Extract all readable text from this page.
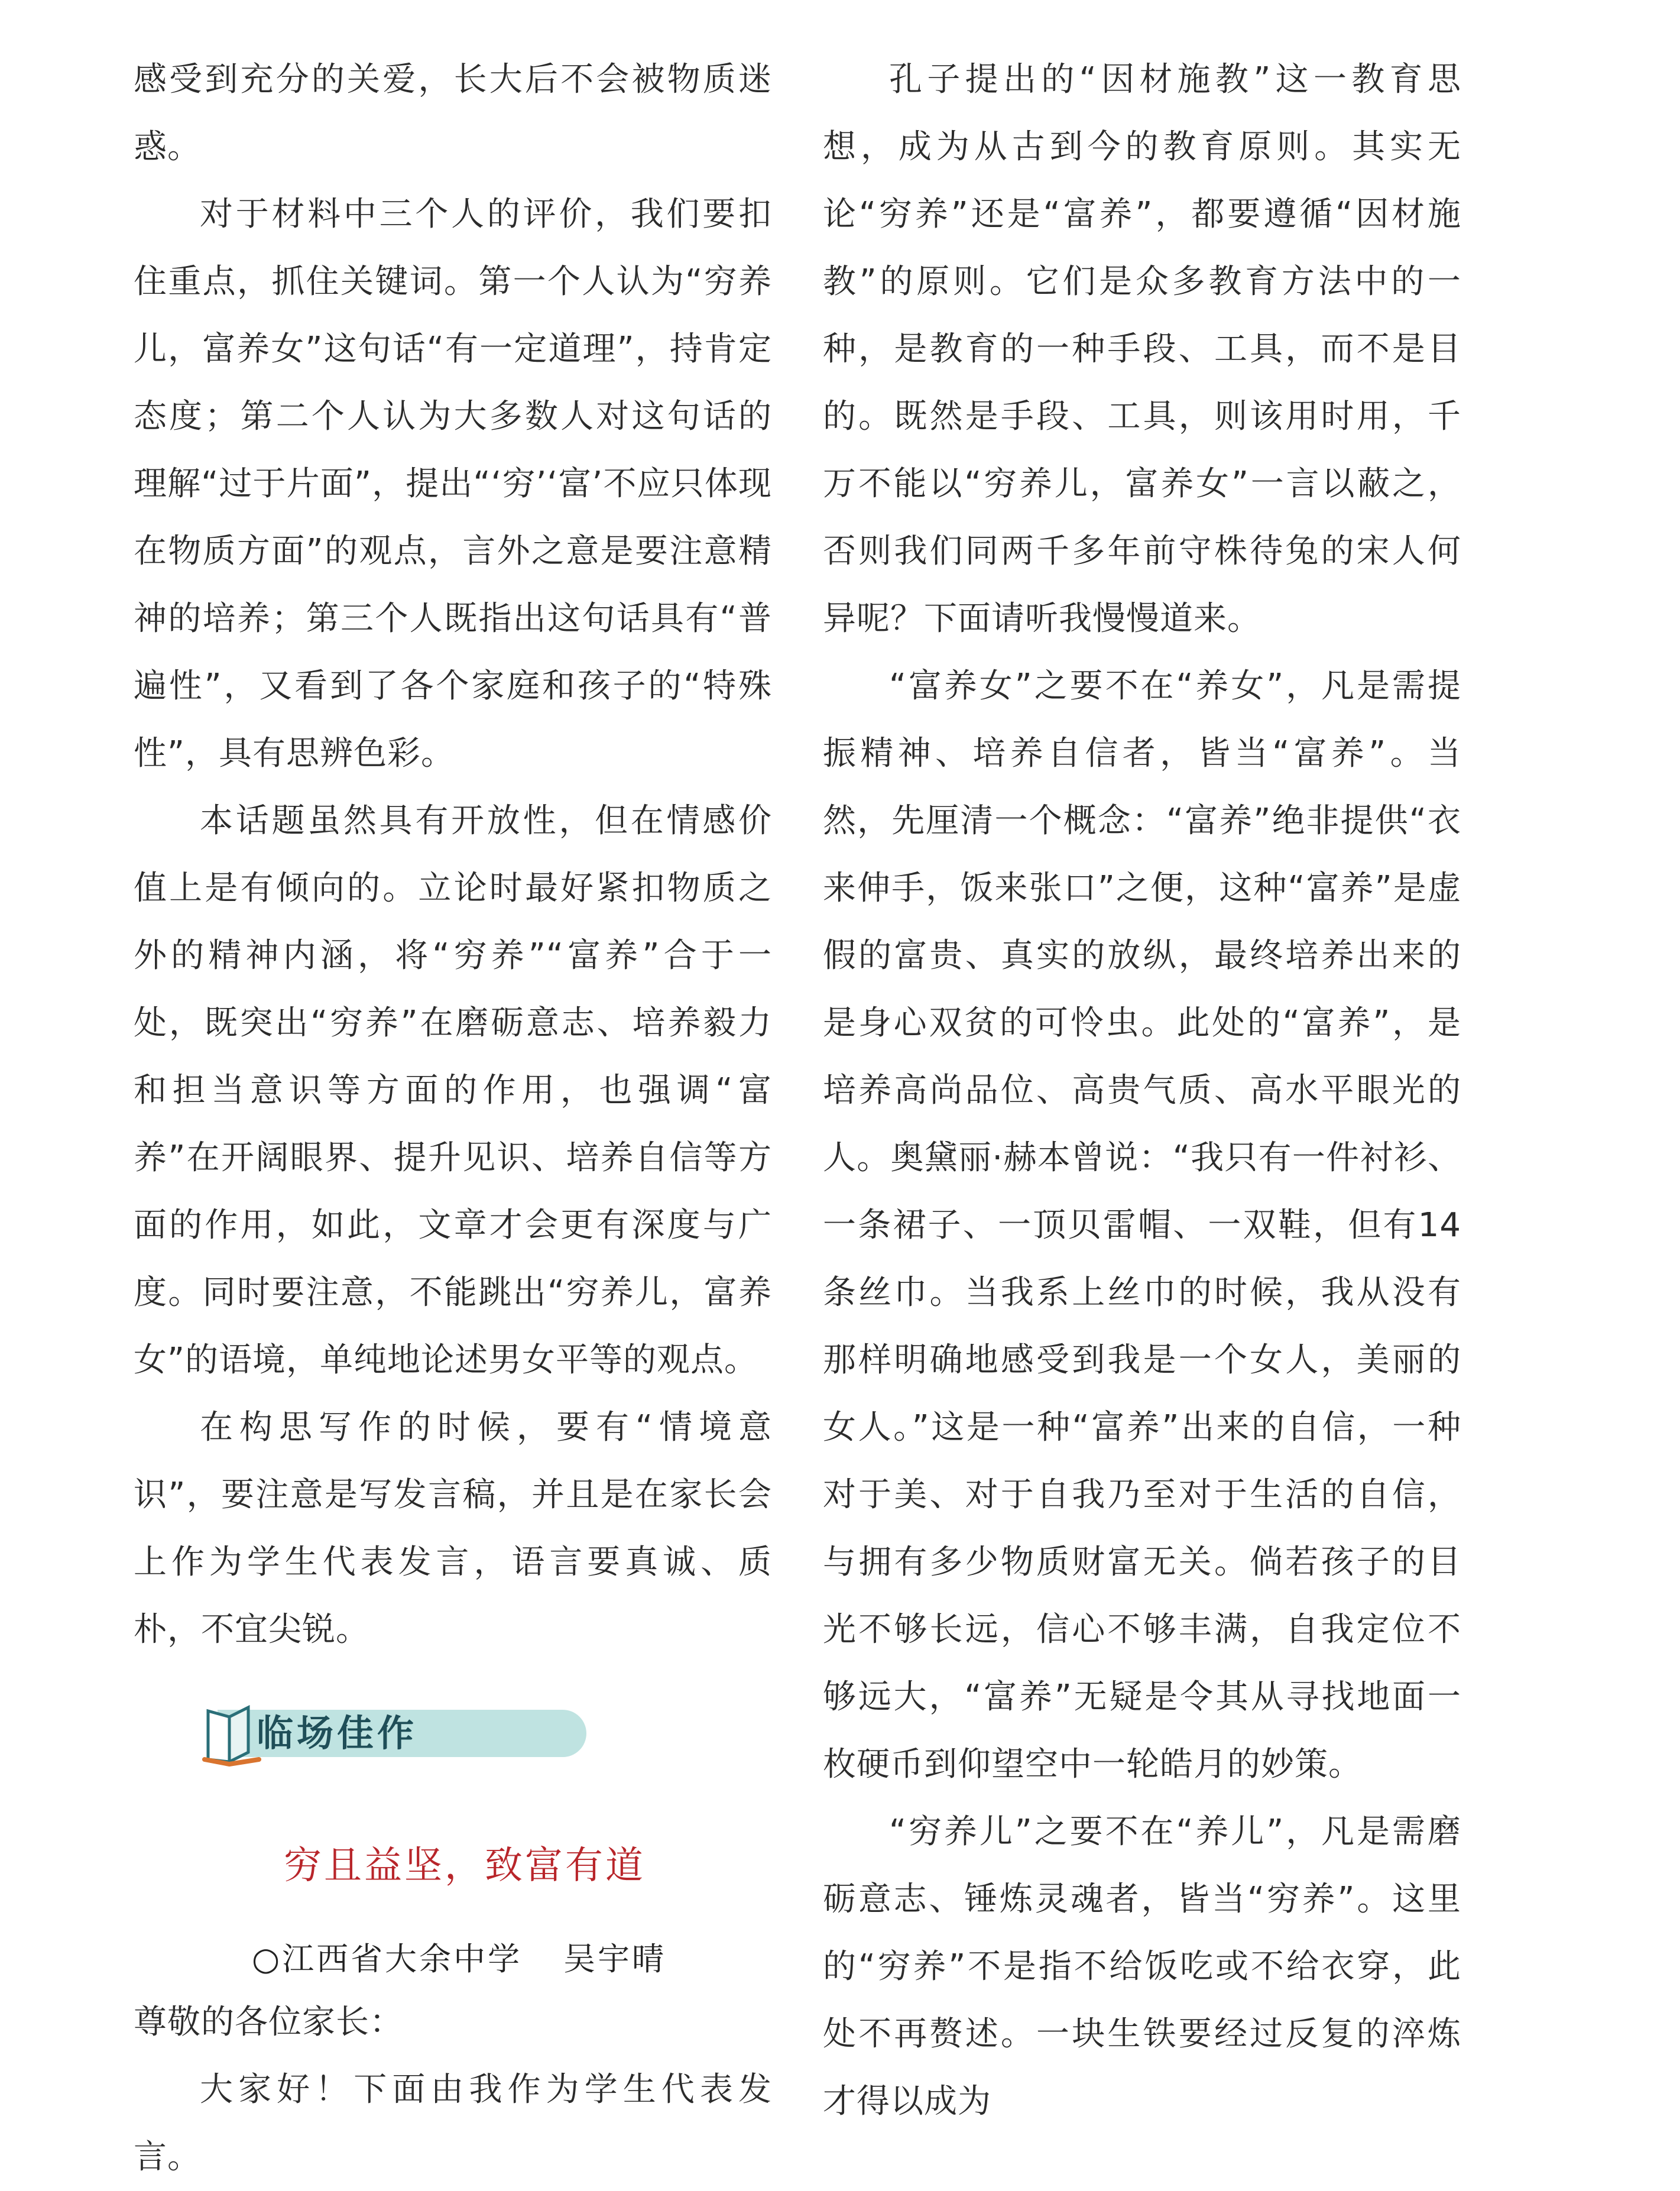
感受到充分的关爱，长大后不会被物质迷惑。

对于材料中三个人的评价，我们要扣住重点，抓住关键词。第一个人认为“穷养儿，富养女”这句话“有一定道理”，持肯定态度；第二个人认为大多数人对这句话的理解“过于片面”，提出“‘穷’‘富’不应只体现在物质方面”的观点，言外之意是要注意精神的培养；第三个人既指出这句话具有“普遍性”，又看到了各个家庭和孩子的“特殊性”，具有思辨色彩。

本话题虽然具有开放性，但在情感价值上是有倾向的。立论时最好紧扣物质之外的精神内涵，将“穷养”“富养”合于一处，既突出“穷养”在磨砺意志、培养毅力和担当意识等方面的作用，也强调“富养”在开阔眼界、提升见识、培养自信等方面的作用，如此，文章才会更有深度与广度。同时要注意，不能跳出“穷养儿，富养女”的语境，单纯地论述男女平等的观点。

在构思写作的时候，要有“情境意识”，要注意是写发言稿，并且是在家长会上作为学生代表发言，语言要真诚、质朴，不宜尖锐。

临场佳作
穷且益坚，致富有道
○江西省大余中学 吴宇晴

尊敬的各位家长：

大家好！下面由我作为学生代表发言。

孔子提出的“因材施教”这一教育思想，成为从古到今的教育原则。其实无论“穷养”还是“富养”，都要遵循“因材施教”的原则。它们是众多教育方法中的一种，是教育的一种手段、工具，而不是目的。既然是手段、工具，则该用时用，千万不能以“穷养儿，富养女”一言以蔽之，否则我们同两千多年前守株待兔的宋人何异呢？下面请听我慢慢道来。

“富养女”之要不在“养女”，凡是需提振精神、培养自信者，皆当“富养”。当然，先厘清一个概念：“富养”绝非提供“衣来伸手，饭来张口”之便，这种“富养”是虚假的富贵、真实的放纵，最终培养出来的是身心双贫的可怜虫。此处的“富养”，是培养高尚品位、高贵气质、高水平眼光的人。奥黛丽·赫本曾说：“我只有一件衬衫、一条裙子、一顶贝雷帽、一双鞋，但有14条丝巾。当我系上丝巾的时候，我从没有那样明确地感受到我是一个女人，美丽的女人。”这是一种“富养”出来的自信，一种对于美、对于自我乃至对于生活的自信，与拥有多少物质财富无关。倘若孩子的目光不够长远，信心不够丰满，自我定位不够远大，“富养”无疑是令其从寻找地面一枚硬币到仰望空中一轮皓月的妙策。

“穷养儿”之要不在“养儿”，凡是需磨砺意志、锤炼灵魂者，皆当“穷养”。这里的“穷养”不是指不给饭吃或不给衣穿，此处不再赘述。一块生铁要经过反复的淬炼才得以成为
